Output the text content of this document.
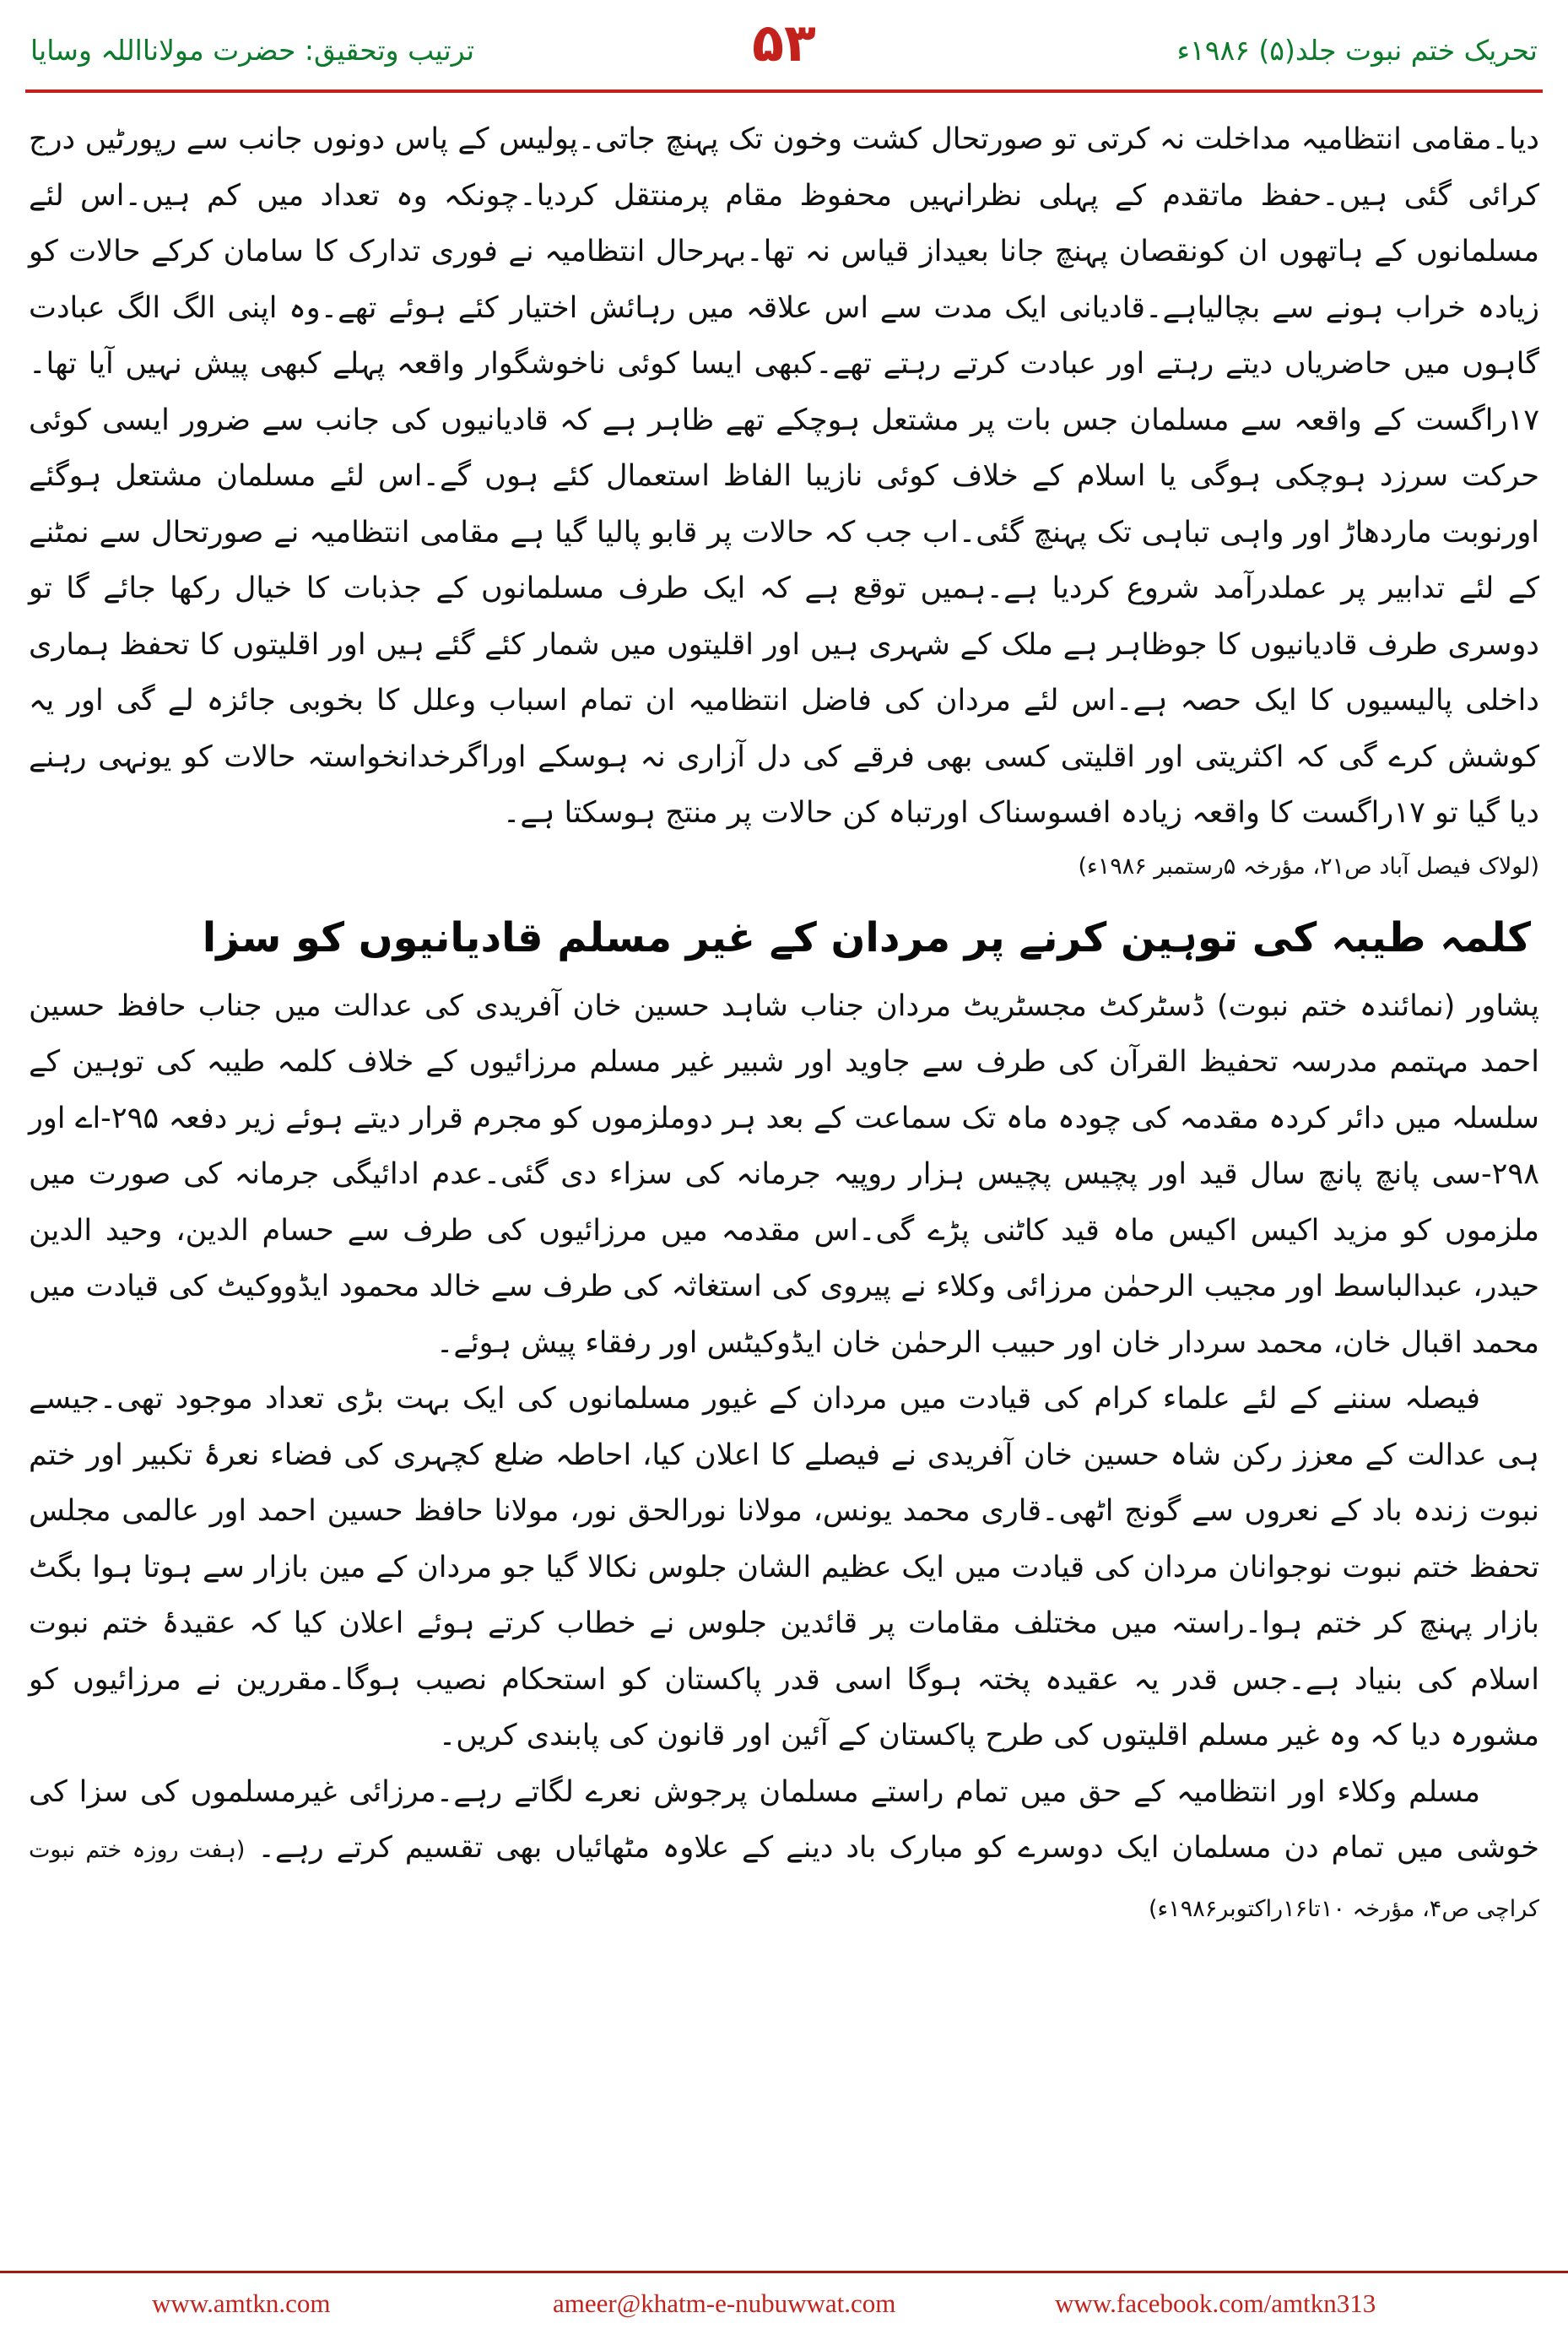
تحریک ختم نبوت جلد(۵) ۱۹۸۶ء
۵۳
ترتیب وتحقیق: حضرت مولانااللہ وسایا

دیا۔مقامی انتظامیہ مداخلت نہ کرتی تو صورتحال کشت وخون تک پہنچ جاتی۔پولیس کے پاس دونوں جانب سے رپورٹیں درج کرائی گئی ہیں۔حفظ ماتقدم کے پہلی نظرانہیں محفوظ مقام پرمنتقل کردیا۔چونکہ وہ تعداد میں کم ہیں۔اس لئے مسلمانوں کے ہاتھوں ان کونقصان پہنچ جانا بعیداز قیاس نہ تھا۔بہرحال انتظامیہ نے فوری تدارک کا سامان کرکے حالات کو زیادہ خراب ہونے سے بچالیاہے۔قادیانی ایک مدت سے اس علاقہ میں رہائش اختیار کئے ہوئے تھے۔وہ اپنی الگ الگ عبادت گاہوں میں حاضریاں دیتے رہتے اور عبادت کرتے رہتے تھے۔کبھی ایسا کوئی ناخوشگوار واقعہ پہلے کبھی پیش نہیں آیا تھا۔۱۷راگست کے واقعہ سے مسلمان جس بات پر مشتعل ہوچکے تھے ظاہر ہے کہ قادیانیوں کی جانب سے ضرور ایسی کوئی حرکت سرزد ہوچکی ہوگی یا اسلام کے خلاف کوئی نازیبا الفاظ استعمال کئے ہوں گے۔اس لئے مسلمان مشتعل ہوگئے اورنوبت ماردھاڑ اور واہی تباہی تک پہنچ گئی۔اب جب کہ حالات پر قابو پالیا گیا ہے مقامی انتظامیہ نے صورتحال سے نمٹنے کے لئے تدابیر پر عملدرآمد شروع کردیا ہے۔ہمیں توقع ہے کہ ایک طرف مسلمانوں کے جذبات کا خیال رکھا جائے گا تو دوسری طرف قادیانیوں کا جوظاہر ہے ملک کے شہری ہیں اور اقلیتوں میں شمار کئے گئے ہیں اور اقلیتوں کا تحفظ ہماری داخلی پالیسیوں کا ایک حصہ ہے۔اس لئے مردان کی فاضل انتظامیہ ان تمام اسباب وعلل کا بخوبی جائزہ لے گی اور یہ کوشش کرے گی کہ اکثریتی اور اقلیتی کسی بھی فرقے کی دل آزاری نہ ہوسکے اوراگرخدانخواستہ حالات کو یونہی رہنے دیا گیا تو ۱۷راگست کا واقعہ زیادہ افسوسناک اورتباہ کن حالات پر منتج ہوسکتا ہے۔

(لولاک فیصل آباد ص۲۱، مؤرخہ ۵رستمبر ۱۹۸۶ء)
کلمہ طیبہ کی توہین کرنے پر مردان کے غیر مسلم قادیانیوں کو سزا

پشاور (نمائندہ ختم نبوت) ڈسٹرکٹ مجسٹریٹ مردان جناب شاہد حسین خان آفریدی کی عدالت میں جناب حافظ حسین احمد مہتمم مدرسہ تحفیظ القرآن کی طرف سے جاوید اور شبیر غیر مسلم مرزائیوں کے خلاف کلمہ طیبہ کی توہین کے سلسلہ میں دائر کردہ مقدمہ کی چودہ ماہ تک سماعت کے بعد ہر دوملزموں کو مجرم قرار دیتے ہوئے زیر دفعہ ۲۹۵-اے اور ۲۹۸-سی پانچ پانچ سال قید اور پچیس پچیس ہزار روپیہ جرمانہ کی سزاء دی گئی۔عدم ادائیگی جرمانہ کی صورت میں ملزموں کو مزید اکیس اکیس ماہ قید کاٹنی پڑے گی۔اس مقدمہ میں مرزائیوں کی طرف سے حسام الدین، وحید الدین حیدر، عبدالباسط اور مجیب الرحمٰن مرزائی وکلاء نے پیروی کی استغاثہ کی طرف سے خالد محمود ایڈووکیٹ کی قیادت میں محمد اقبال خان، محمد سردار خان اور حبیب الرحمٰن خان ایڈوکیٹس اور رفقاء پیش ہوئے۔

فیصلہ سننے کے لئے علماء کرام کی قیادت میں مردان کے غیور مسلمانوں کی ایک بہت بڑی تعداد موجود تھی۔جیسے ہی عدالت کے معزز رکن شاہ حسین خان آفریدی نے فیصلے کا اعلان کیا، احاطہ ضلع کچہری کی فضاء نعرۂ تکبیر اور ختم نبوت زندہ باد کے نعروں سے گونج اٹھی۔قاری محمد یونس، مولانا نورالحق نور، مولانا حافظ حسین احمد اور عالمی مجلس تحفظ ختم نبوت نوجوانان مردان کی قیادت میں ایک عظیم الشان جلوس نکالا گیا جو مردان کے مین بازار سے ہوتا ہوا بگٹ بازار پہنچ کر ختم ہوا۔راستہ میں مختلف مقامات پر قائدین جلوس نے خطاب کرتے ہوئے اعلان کیا کہ عقیدۂ ختم نبوت اسلام کی بنیاد ہے۔جس قدر یہ عقیدہ پختہ ہوگا اسی قدر پاکستان کو استحکام نصیب ہوگا۔مقررین نے مرزائیوں کو مشورہ دیا کہ وہ غیر مسلم اقلیتوں کی طرح پاکستان کے آئین اور قانون کی پابندی کریں۔

مسلم وکلاء اور انتظامیہ کے حق میں تمام راستے مسلمان پرجوش نعرے لگاتے رہے۔مرزائی غیرمسلموں کی سزا کی خوشی میں تمام دن مسلمان ایک دوسرے کو مبارک باد دینے کے علاوہ مٹھائیاں بھی تقسیم کرتے رہے۔ (ہفت روزہ ختم نبوت کراچی ص۴، مؤرخہ ۱۰تا۱۶راکتوبر۱۹۸۶ء)

www.amtkn.com	ameer@khatm-e-nubuwwat.com	www.facebook.com/amtkn313
